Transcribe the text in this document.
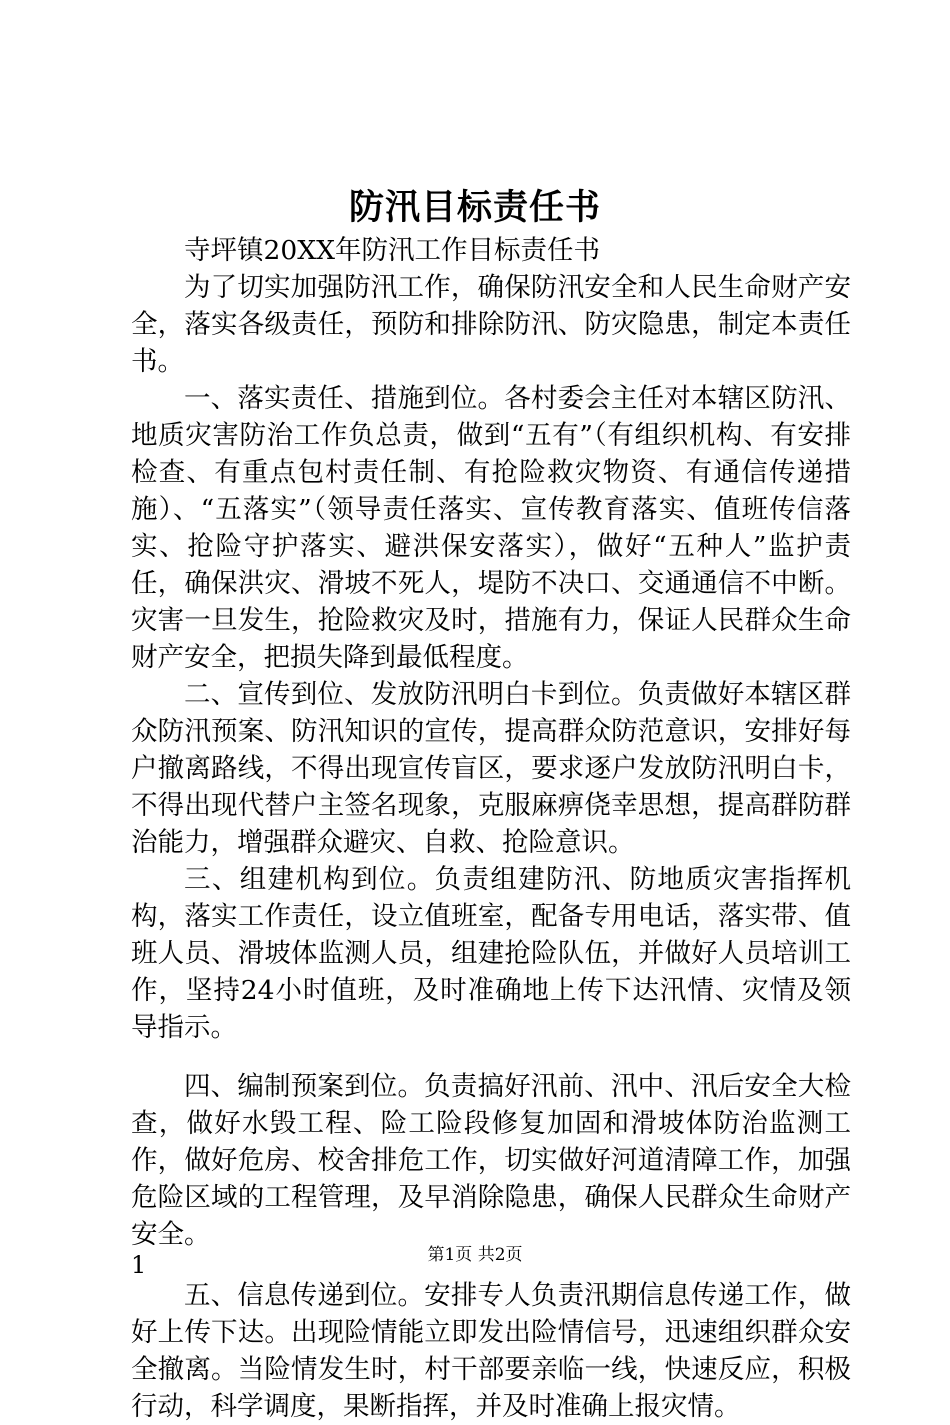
防汛目标责任书

寺坪镇20XX年防汛工作目标责任书

为了切实加强防汛工作，确保防汛安全和人民生命财产安全，落实各级责任，预防和排除防汛、防灾隐患，制定本责任书。

一、落实责任、措施到位。各村委会主任对本辖区防汛、地质灾害防治工作负总责，做到“五有”（有组织机构、有安排检查、有重点包村责任制、有抢险救灾物资、有通信传递措施）、“五落实”（领导责任落实、宣传教育落实、值班传信落实、抢险守护落实、避洪保安落实），做好“五种人”监护责任，确保洪灾、滑坡不死人，堤防不决口、交通通信不中断。灾害一旦发生，抢险救灾及时，措施有力，保证人民群众生命财产安全，把损失降到最低程度。

二、宣传到位、发放防汛明白卡到位。负责做好本辖区群众防汛预案、防汛知识的宣传，提高群众防范意识，安排好每户撤离路线，不得出现宣传盲区，要求逐户发放防汛明白卡，不得出现代替户主签名现象，克服麻痹侥幸思想，提高群防群治能力，增强群众避灾、自救、抢险意识。

三、组建机构到位。负责组建防汛、防地质灾害指挥机构，落实工作责任，设立值班室，配备专用电话，落实带、值班人员、滑坡体监测人员，组建抢险队伍，并做好人员培训工作，坚持24小时值班，及时准确地上传下达汛情、灾情及领导指示。

四、编制预案到位。负责搞好汛前、汛中、汛后安全大检查，做好水毁工程、险工险段修复加固和滑坡体防治监测工作，做好危房、校舍排危工作，切实做好河道清障工作，加强危险区域的工程管理，及早消除隐患，确保人民群众生命财产安全。

1

五、信息传递到位。安排专人负责汛期信息传递工作，做好上传下达。出现险情能立即发出险情信号，迅速组织群众安全撤离。当险情发生时，村干部要亲临一线，快速反应，积极行动，科学调度，果断指挥，并及时准确上报灾情。

第1页 共2页
